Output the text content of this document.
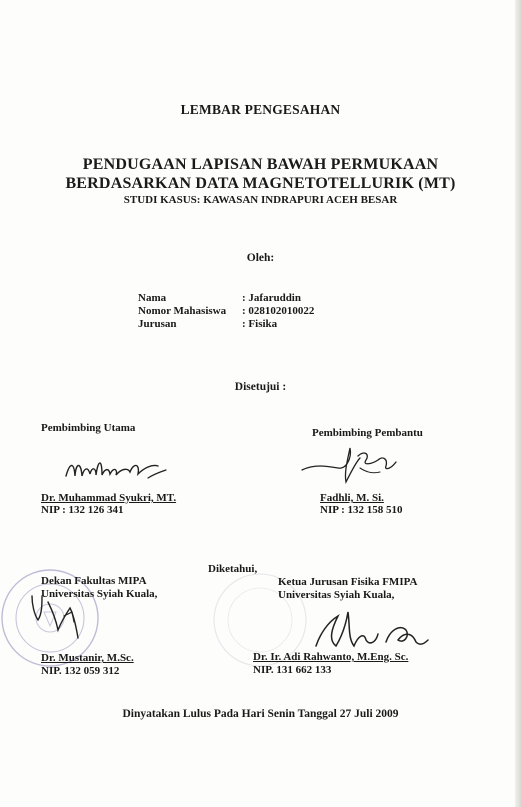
LEMBAR PENGESAHAN
PENDUGAAN LAPISAN BAWAH PERMUKAAN
BERDASARKAN DATA MAGNETOTELLURIK (MT)
STUDI KASUS: KAWASAN INDRAPURI ACEH BESAR
Oleh:
Nama	: Jafaruddin
Nomor Mahasiswa : 028102010022
Jurusan	: Fisika
Disetujui :
Pembimbing Utama	Pembimbing Pembantu
Dr. Muhammad Syukri, MT.
NIP : 132 126 341
Fadhli, M. Si.
NIP : 132 158 510
Diketahui,
Dekan Fakultas MIPA
Universitas Syiah Kuala,
Ketua Jurusan Fisika FMIPA
Universitas Syiah Kuala,
Dr. Mustanir, M.Sc.
NIP. 132 059 312
Dr. Ir. Adi Rahwanto, M.Eng. Sc.
NIP. 131 662 133
Dinyatakan Lulus Pada Hari Senin Tanggal 27 Juli 2009
